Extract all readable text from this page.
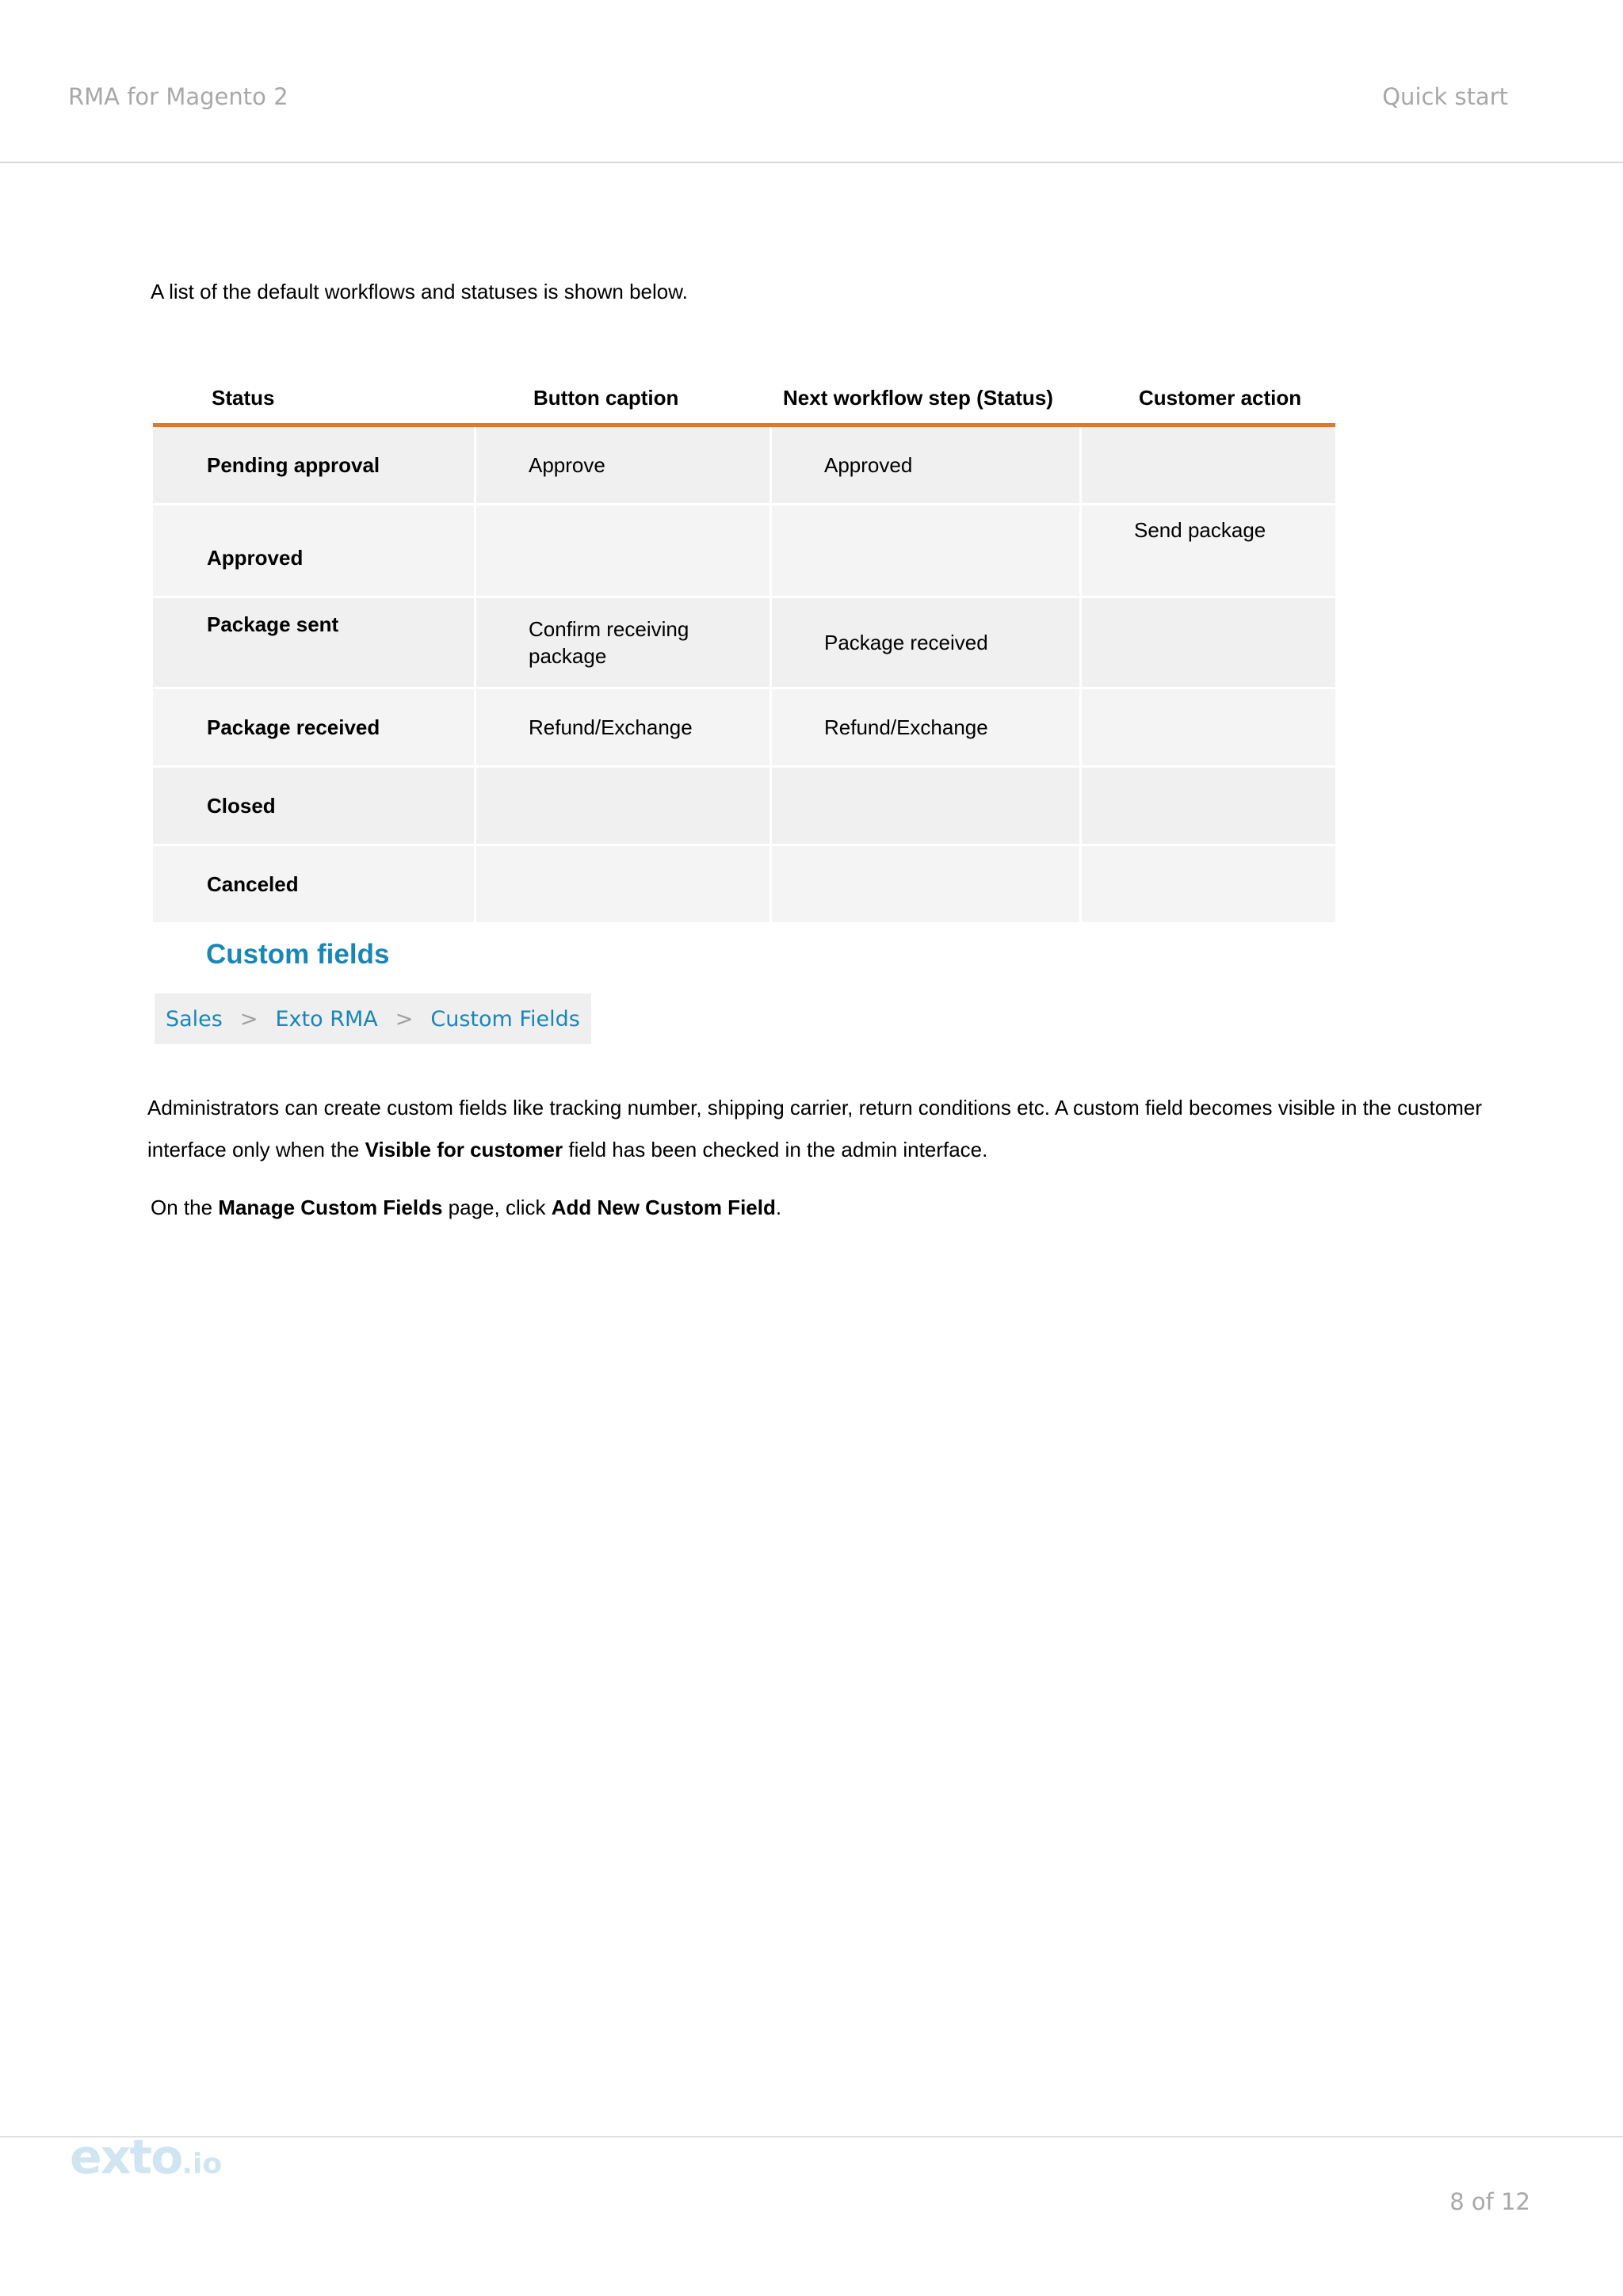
RMA for Magento 2	Quick start
A list of the default workflows and statuses is shown below.
Status	Button caption	Next workflow step (Status)	Customer action
Pending approval	Approve	Approved	
Approved			Send package
Package sent	Confirm receiving package	Package received	
Package received	Refund/Exchange	Refund/Exchange	
Closed			
Canceled			
Custom fields
Sales > Exto RMA > Custom Fields
Administrators can create custom fields like tracking number, shipping carrier, return conditions etc. A custom field becomes visible in the customer interface only when the Visible for customer field has been checked in the admin interface.
On the Manage Custom Fields page, click Add New Custom Field.
exto.io
8 of 12
